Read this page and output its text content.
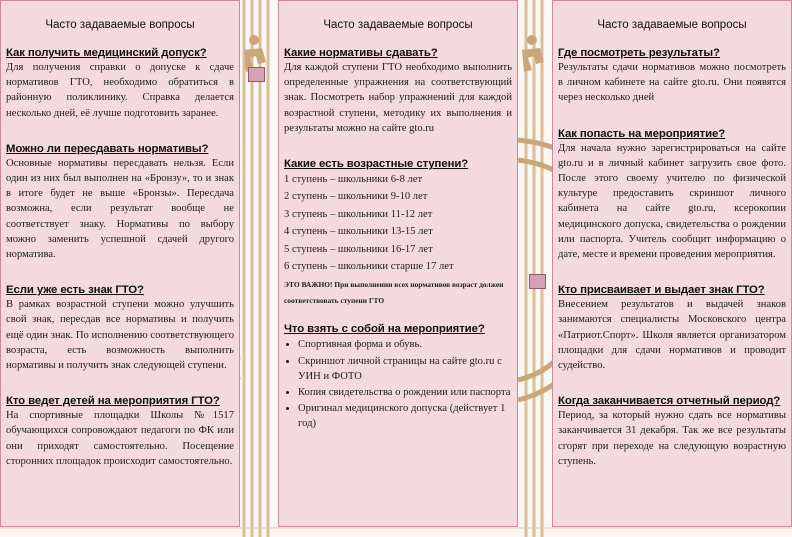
Часто задаваемые вопросы
Как получить медицинский допуск?

Для получения справки о допуске к сдаче нормативов ГТО, необходимо обратиться в районную поликлинику. Справка делается несколько дней, её лучше подготовить заранее.

Можно ли пересдавать нормативы?

Основные нормативы пересдавать нельзя. Если один из них был выполнен на «Бронзу», то и знак в итоге будет не выше «Бронзы». Пересдача возможна, если результат вообще не соответствует знаку. Нормативы по выбору можно заменить успешной сдачей другого норматива.

Если уже есть знак ГТО?

В рамках возрастной ступени можно улучшить свой знак, пересдав все нормативы и получить ещё один знак. По исполнению соответствующего возраста, есть возможность выполнить нормативы и получить знак следующей ступени.

Кто ведет детей на мероприятия ГТО?

На спортивные площадки Школы №1517 обучающихся сопровождают педагоги по ФК или они приходят самостоятельно. Посещение сторонних площадок происходит самостоятельно.

Часто задаваемые вопросы
Какие нормативы сдавать?

Для каждой ступени ГТО необходимо выполнить определенные упражнения на соответствующий знак. Посмотреть набор упражнений для каждой возрастной ступени, методику их выполнения и результаты можно на сайте gto.ru

Какие есть возрастные ступени?
1 ступень – школьники 6-8 лет
2 ступень – школьники 9-10 лет
3 ступень – школьники 11-12 лет
4 ступень – школьники 13-15 лет
5 ступень – школьники 16-17 лет
6 ступень – школьники старше 17 лет

ЭТО ВАЖНО! При выполнении всех нормативов возраст должен соответствовать ступени ГТО

Что взять с собой на мероприятие?
• Спортивная форма и обувь.
• Скриншот личной страницы на сайте gto.ru с УИН и ФОТО
• Копия свидетельства о рождении или паспорта
• Оригинал медицинского допуска (действует 1 год)
Часто задаваемые вопросы
Где посмотреть результаты?

Результаты сдачи нормативов можно посмотреть в личном кабинете на сайте gto.ru. Они появятся через несколько дней

Как попасть на мероприятие?

Для начала нужно зарегистрироваться на сайте gto.ru и в личный кабинет загрузить свое фото. После этого своему учителю по физической культуре предоставить скриншот личного кабинета на сайте gto.ru, ксерокопии медицинского допуска, свидетельства о рождении или паспорта. Учитель сообщит информацию о дате, месте и времени проведения мероприятия.

Кто присваивает и выдает знак ГТО?

Внесением результатов и выдачей знаков занимаются специалисты Московского центра «Патриот.Спорт». Школя является организатором площадки для сдачи нормативов и проводит судейство.

Когда заканчивается отчетный период?

Период, за который нужно сдать все нормативы заканчивается 31 декабря. Так же все результаты сгорят при переходе на следующую возрастную ступень.
